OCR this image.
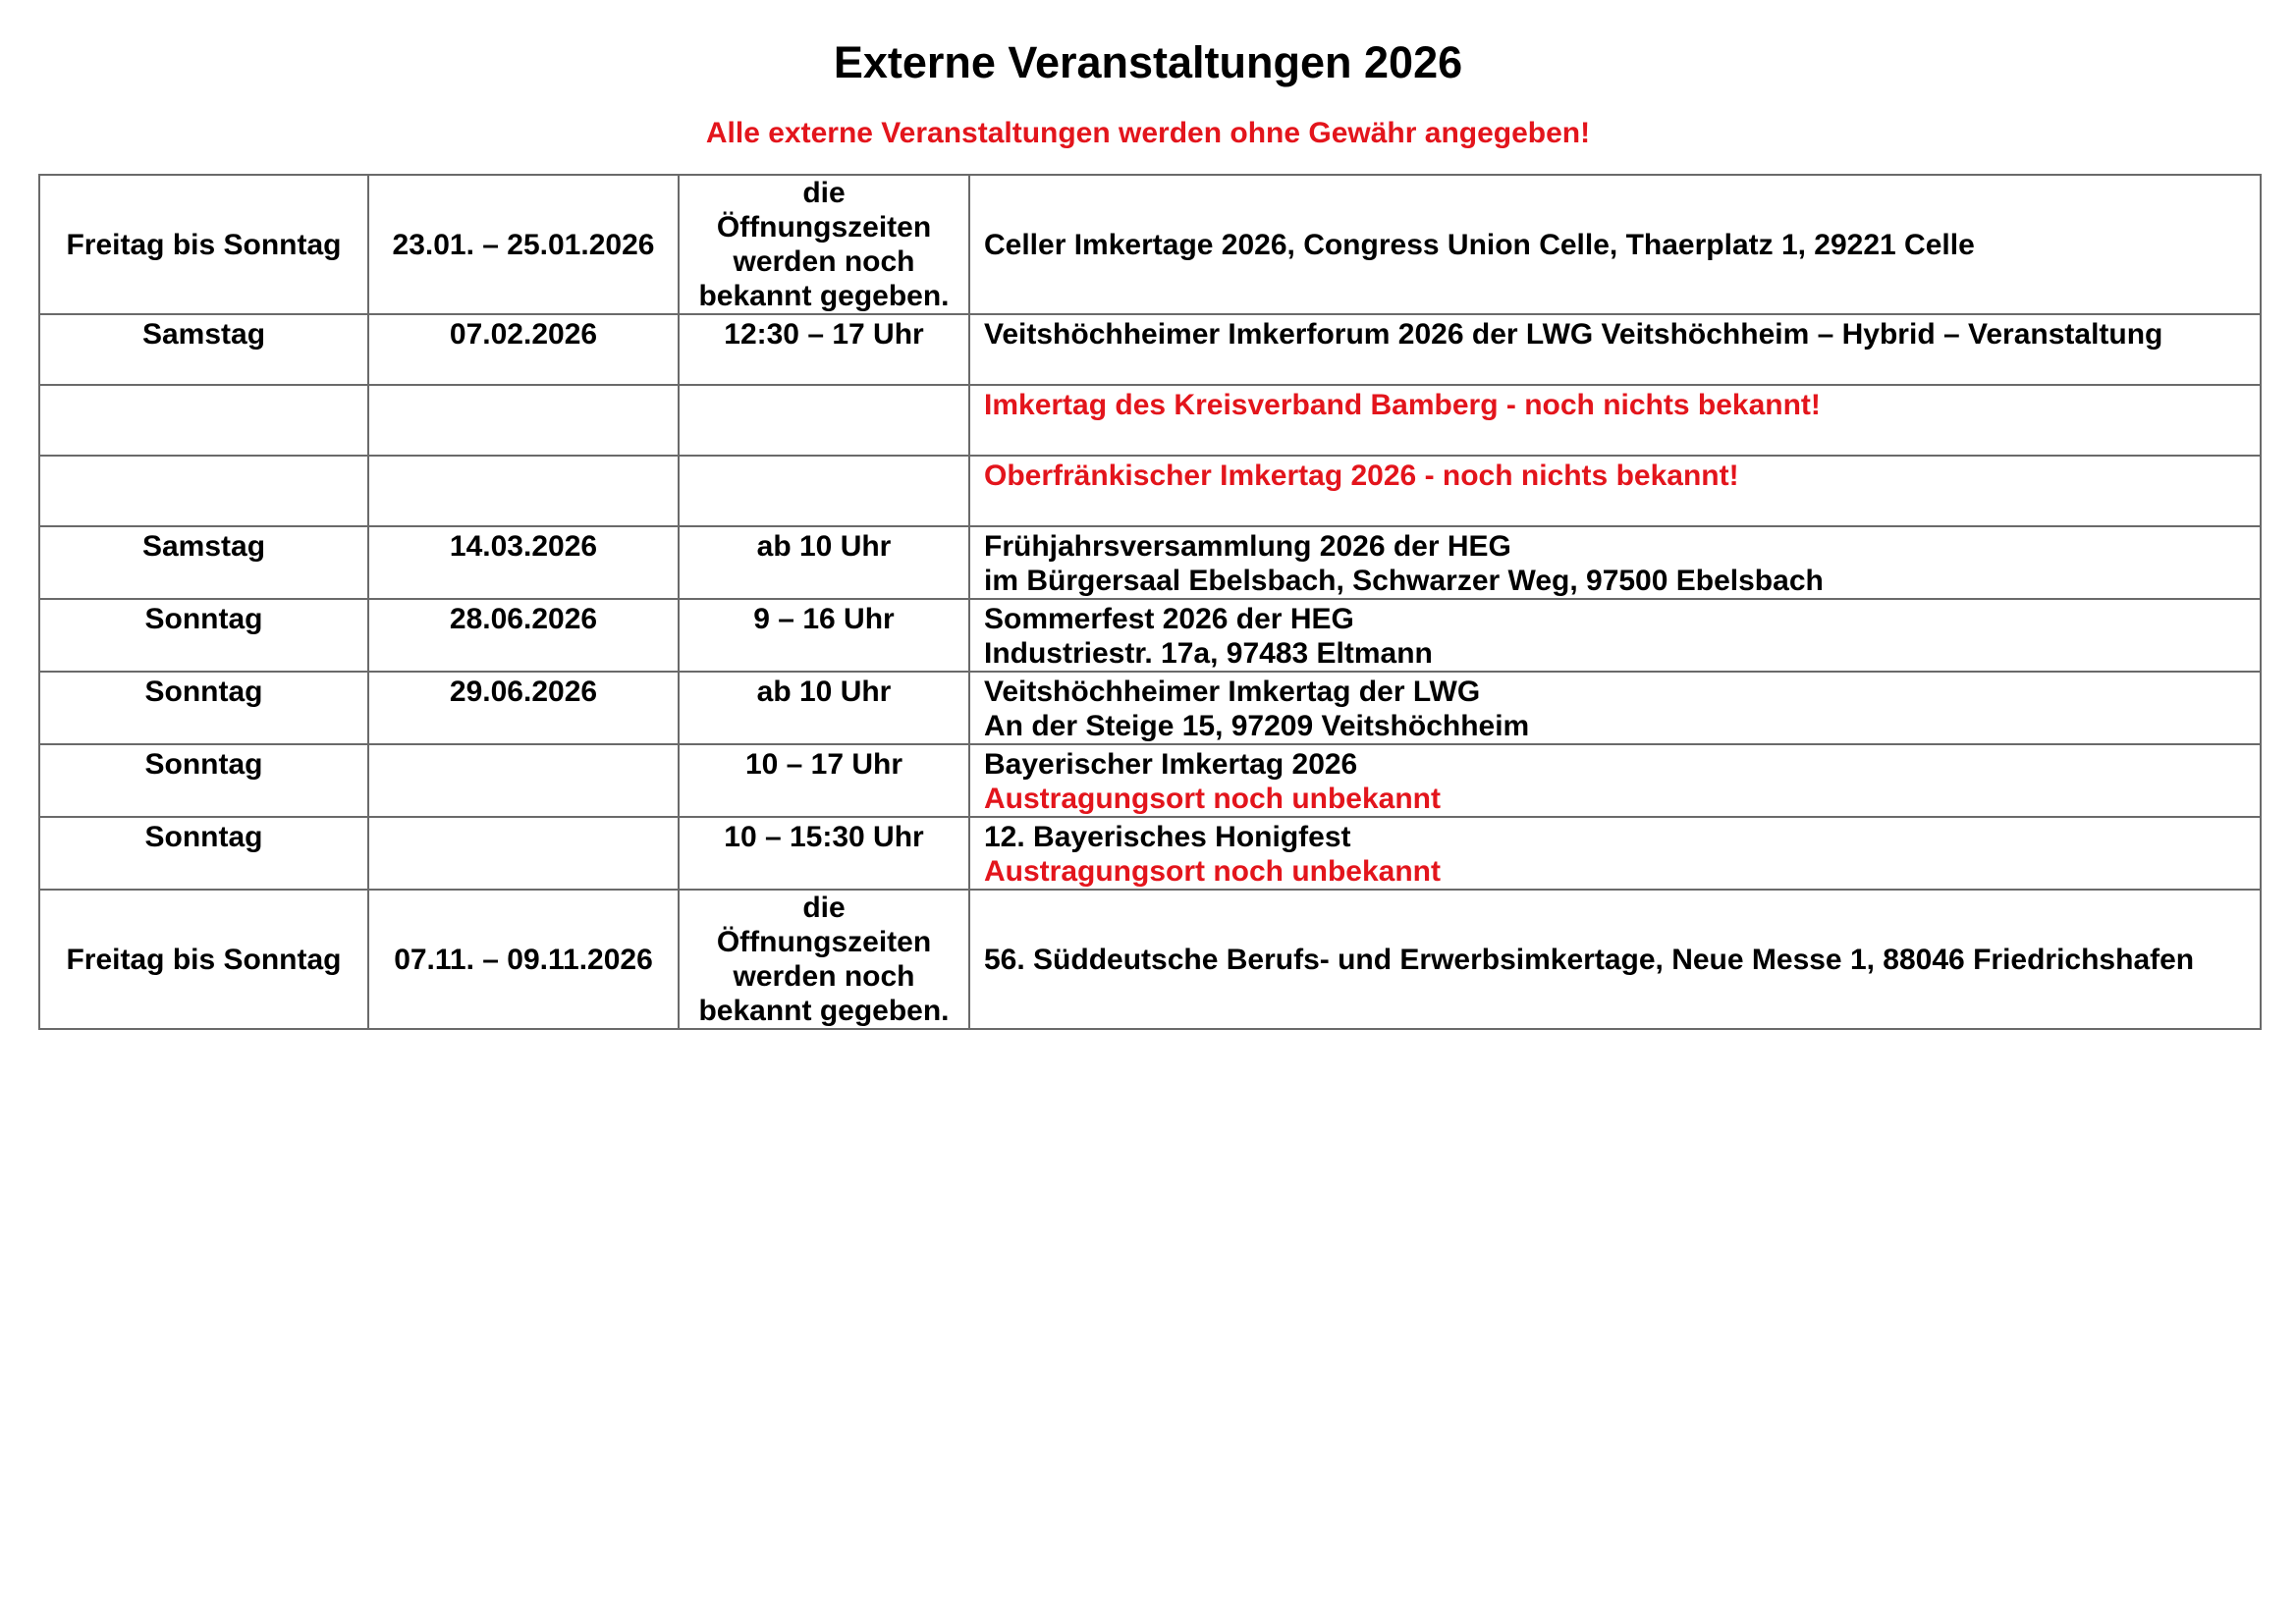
Externe Veranstaltungen 2026
Alle externe Veranstaltungen werden ohne Gewähr angegeben!
Freitag bis Sonntag	23.01. – 25.01.2026	die Öffnungszeiten werden noch bekannt gegeben.	Celler Imkertage 2026, Congress Union Celle, Thaerplatz 1, 29221 Celle

Samstag	07.02.2026	12:30 – 17 Uhr	Veitshöchheimer Imkerforum 2026 der LWG Veitshöchheim – Hybrid – Veranstaltung

			Imkertag des Kreisverband Bamberg - noch nichts bekannt!

			Oberfränkischer Imkertag 2026 - noch nichts bekannt!

Samstag	14.03.2026	ab 10 Uhr	Frühjahrsversammlung 2026 der HEG
im Bürgersaal Ebelsbach, Schwarzer Weg, 97500 Ebelsbach

Sonntag	28.06.2026	9 – 16 Uhr	Sommerfest 2026 der HEG
Industriestr. 17a, 97483 Eltmann

Sonntag	29.06.2026	ab 10 Uhr	Veitshöchheimer Imkertag der LWG
An der Steige 15, 97209 Veitshöchheim

Sonntag		10 – 17 Uhr	Bayerischer Imkertag 2026
Austragungsort noch unbekannt

Sonntag		10 – 15:30 Uhr	12. Bayerisches Honigfest
Austragungsort noch unbekannt

Freitag bis Sonntag	07.11. – 09.11.2026	die Öffnungszeiten werden noch bekannt gegeben.	56. Süddeutsche Berufs- und Erwerbsimkertage, Neue Messe 1, 88046 Friedrichshafen
